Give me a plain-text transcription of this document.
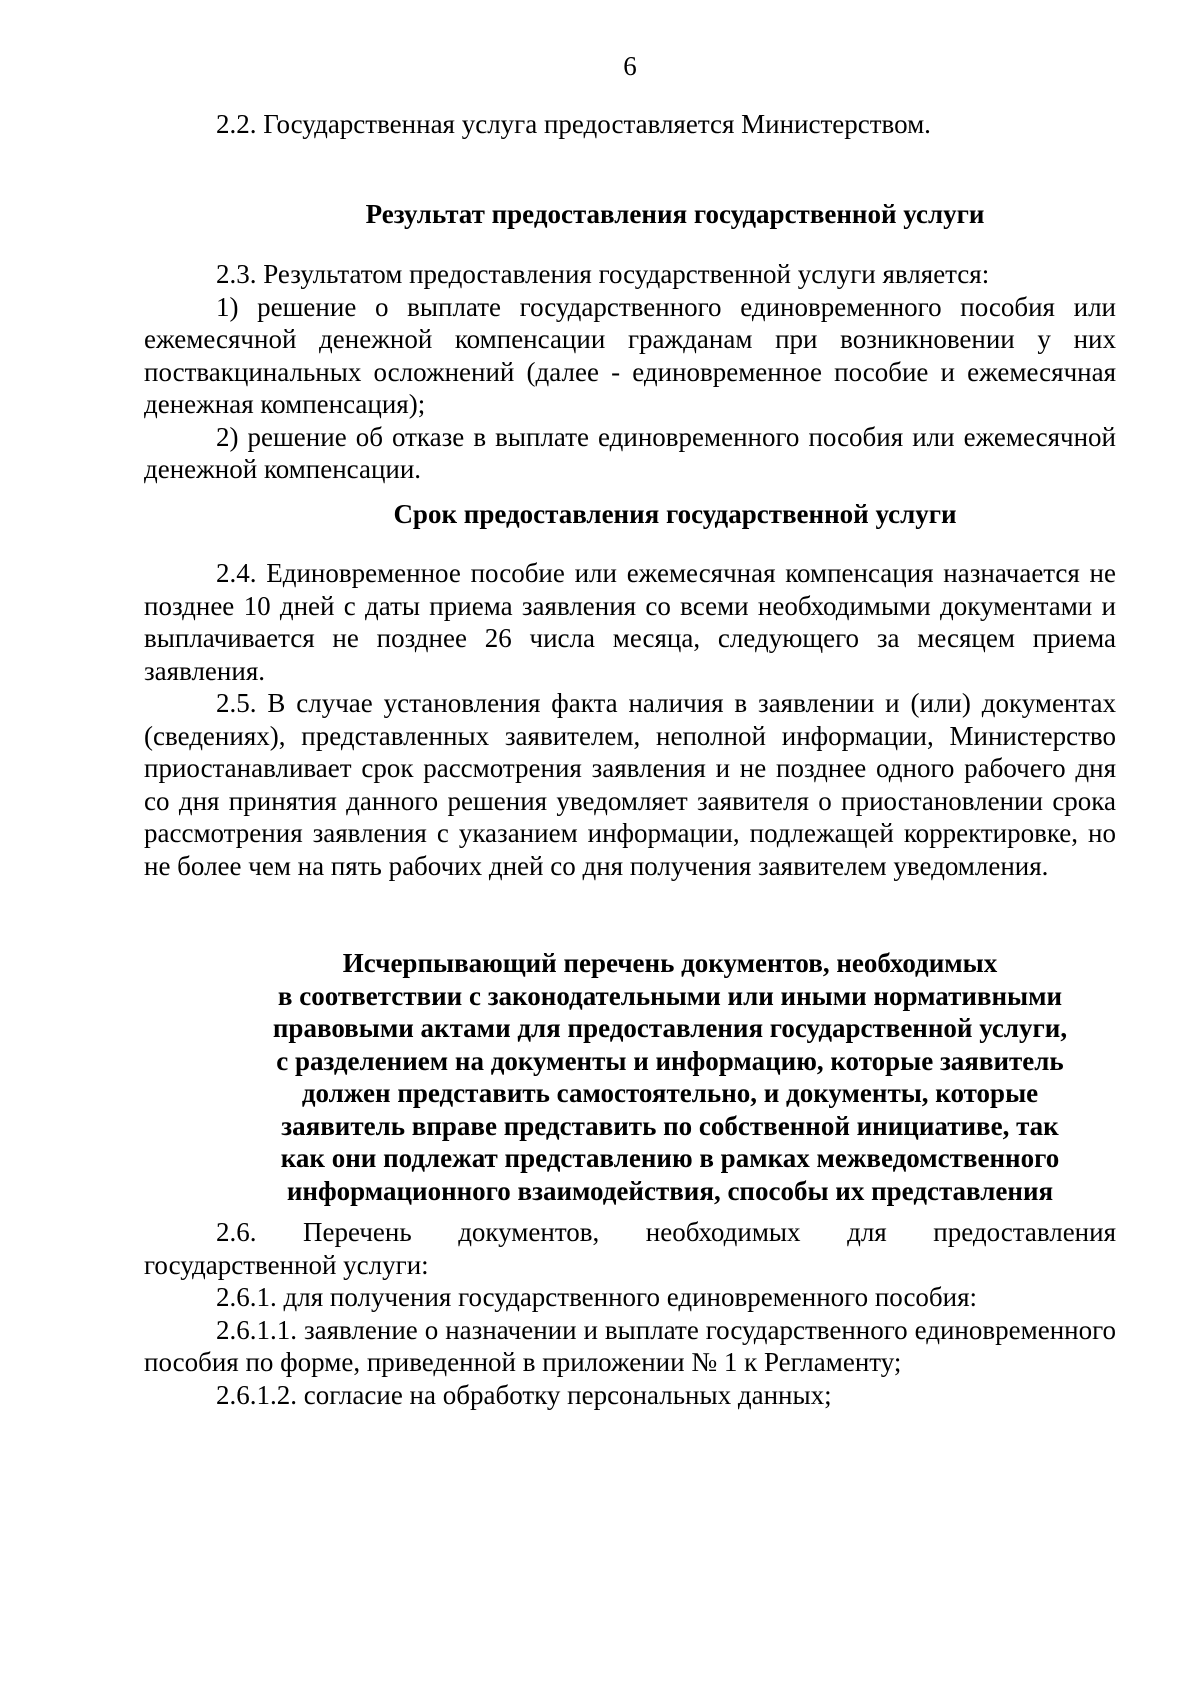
6

2.2. Государственная услуга предоставляется Министерством.

Результат предоставления государственной услуги

2.3. Результатом предоставления государственной услуги является:

1) решение о выплате государственного единовременного пособия или ежемесячной денежной компенсации гражданам при возникновении у них поствакцинальных осложнений (далее - единовременное пособие и ежемесячная денежная компенсация);

2) решение об отказе в выплате единовременного пособия или ежемесячной денежной компенсации.

Срок предоставления государственной услуги

2.4. Единовременное пособие или ежемесячная компенсация назначается не позднее 10 дней с даты приема заявления со всеми необходимыми документами и выплачивается не позднее 26 числа месяца, следующего за месяцем приема заявления.

2.5. В случае установления факта наличия в заявлении и (или) документах (сведениях), представленных заявителем, неполной информации, Министерство приостанавливает срок рассмотрения заявления и не позднее одного рабочего дня со дня принятия данного решения уведомляет заявителя о приостановлении срока рассмотрения заявления с указанием информации, подлежащей корректировке, но не более чем на пять рабочих дней со дня получения заявителем уведомления.

Исчерпывающий перечень документов, необходимых
в соответствии с законодательными или иными нормативными
правовыми актами для предоставления государственной услуги,
с разделением на документы и информацию, которые заявитель
должен представить самостоятельно, и документы, которые
заявитель вправе представить по собственной инициативе, так
как они подлежат представлению в рамках межведомственного
информационного взаимодействия, способы их представления

2.6. Перечень документов, необходимых для предоставления государственной услуги:

2.6.1. для получения государственного единовременного пособия:

2.6.1.1. заявление о назначении и выплате государственного единовременного пособия по форме, приведенной в приложении № 1 к Регламенту;

2.6.1.2. согласие на обработку персональных данных;
